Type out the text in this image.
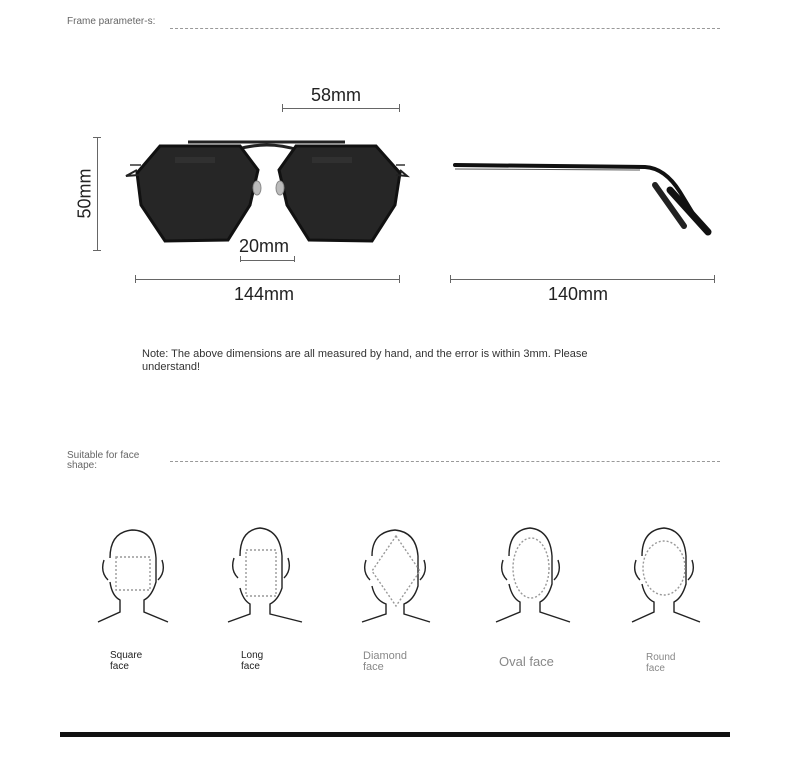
Frame parameter-s:
58mm
50mm
20mm
144mm	140mm
Note: The above dimensions are all measured by hand, and the error is within 3mm. Please understand!
Suitable for face shape:
Square face
Long face
Diamond face	Oval face	Round face
